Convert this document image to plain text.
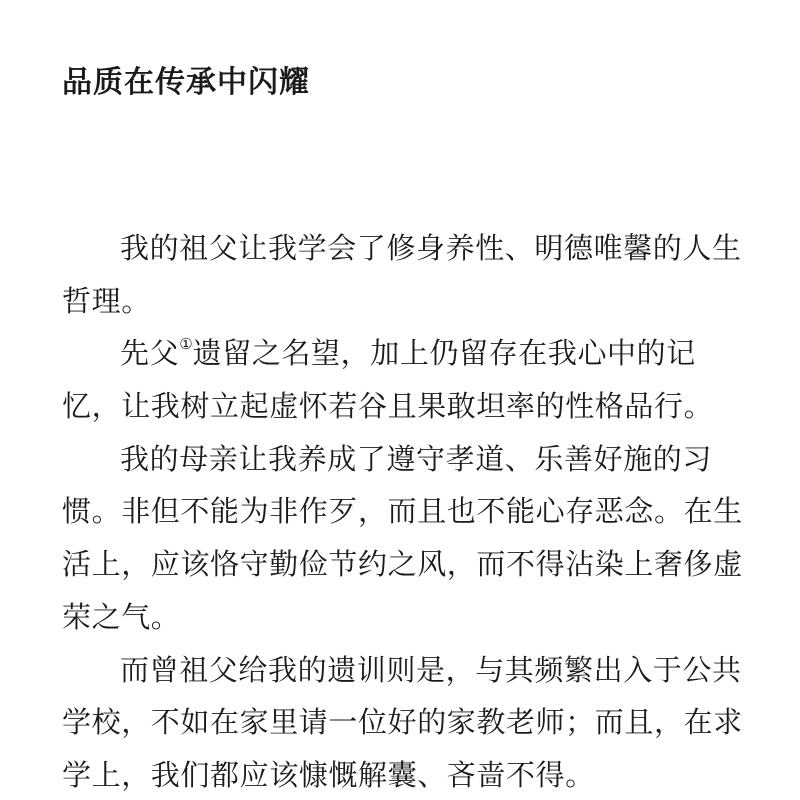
品质在传承中闪耀
我的祖父让我学会了修身养性、明德唯馨的人生
哲理。
先父①遗留之名望，加上仍留存在我心中的记
忆，让我树立起虚怀若谷且果敢坦率的性格品行。
我的母亲让我养成了遵守孝道、乐善好施的习
惯。非但不能为非作歹，而且也不能心存恶念。在生
活上，应该恪守勤俭节约之风，而不得沾染上奢侈虚
荣之气。
而曾祖父给我的遗训则是，与其频繁出入于公共
学校，不如在家里请一位好的家教老师；而且，在求
学上，我们都应该慷慨解囊、吝啬不得。
